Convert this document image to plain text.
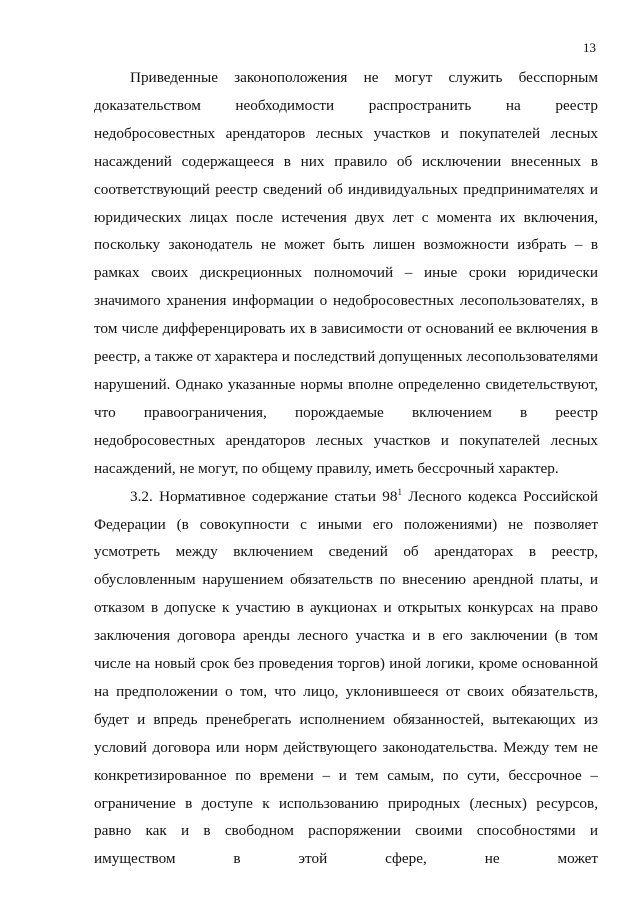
13

Приведенные законоположения не могут служить бесспорным доказательством необходимости распространить на реестр недобросовестных арендаторов лесных участков и покупателей лесных насаждений содержащееся в них правило об исключении внесенных в соответствующий реестр сведений об индивидуальных предпринимателях и юридических лицах после истечения двух лет с момента их включения, поскольку законодатель не может быть лишен возможности избрать – в рамках своих дискреционных полномочий – иные сроки юридически значимого хранения информации о недобросовестных лесопользователях, в том числе дифференцировать их в зависимости от оснований ее включения в реестр, а также от характера и последствий допущенных лесопользователями нарушений. Однако указанные нормы вполне определенно свидетельствуют, что правоограничения, порождаемые включением в реестр недобросовестных арендаторов лесных участков и покупателей лесных насаждений, не могут, по общему правилу, иметь бессрочный характер.

3.2. Нормативное содержание статьи $98^1$ Лесного кодекса Российской Федерации (в совокупности с иными его положениями) не позволяет усмотреть между включением сведений об арендаторах в реестр, обусловленным нарушением обязательств по внесению арендной платы, и отказом в допуске к участию в аукционах и открытых конкурсах на право заключения договора аренды лесного участка и в его заключении (в том числе на новый срок без проведения торгов) иной логики, кроме основанной на предположении о том, что лицо, уклонившееся от своих обязательств, будет и впредь пренебрегать исполнением обязанностей, вытекающих из условий договора или норм действующего законодательства. Между тем не конкретизированное по времени – и тем самым, по сути, бессрочное – ограничение в доступе к использованию природных (лесных) ресурсов, равно как и в свободном распоряжении своими способностями и имуществом в этой сфере, не может
